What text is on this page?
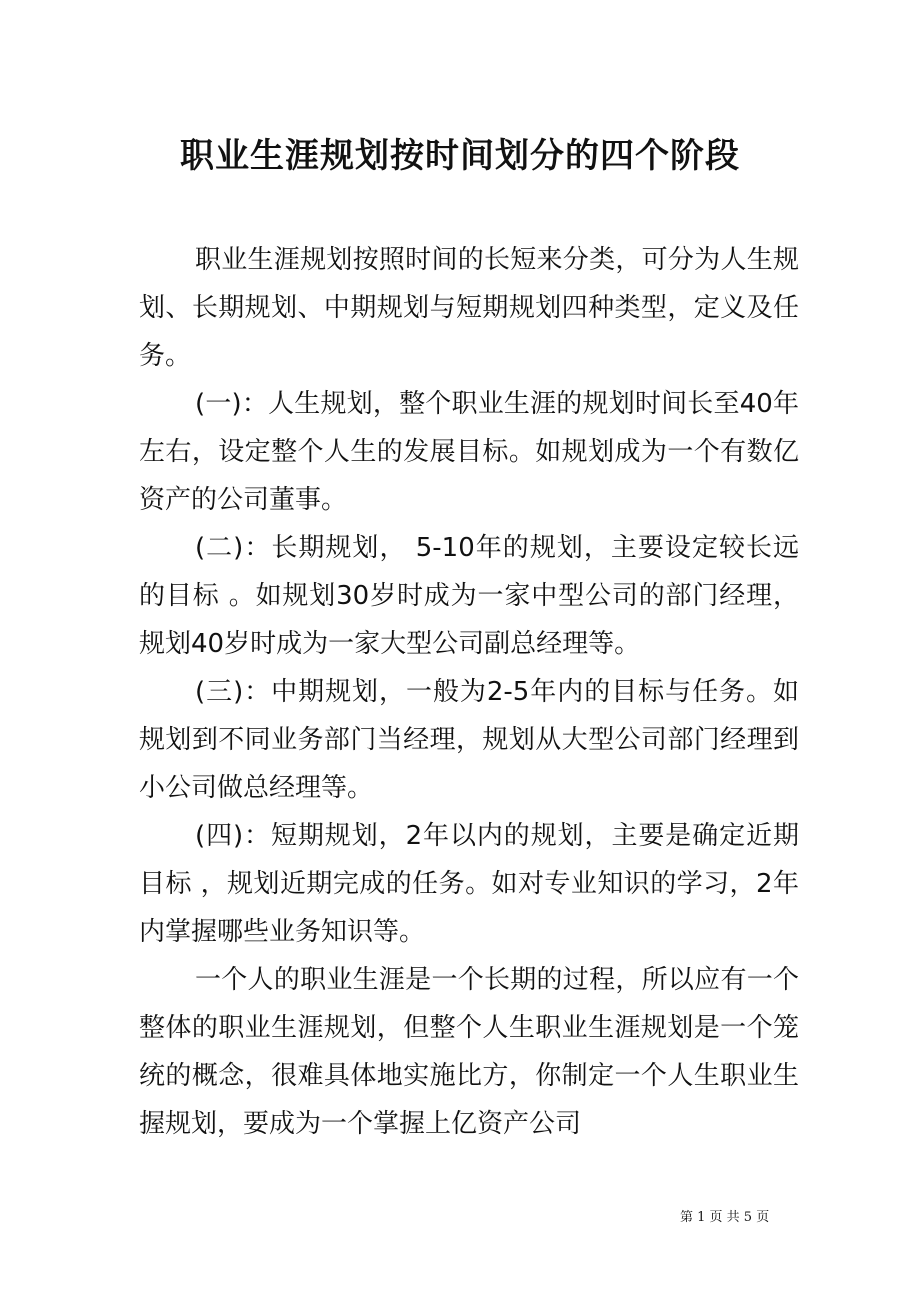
职业生涯规划按时间划分的四个阶段

职业生涯规划按照时间的长短来分类，可分为人生规划、长期规划、中期规划与短期规划四种类型，定义及任务。

(一)：人生规划，整个职业生涯的规划时间长至40年左右，设定整个人生的发展目标。如规划成为一个有数亿资产的公司董事。

(二)：长期规划， 5-10年的规划，主要设定较长远的目标 。如规划30岁时成为一家中型公司的部门经理，规划40岁时成为一家大型公司副总经理等。

(三)：中期规划，一般为2-5年内的目标与任务。如规划到不同业务部门当经理，规划从大型公司部门经理到小公司做总经理等。

(四)：短期规划，2年以内的规划，主要是确定近期目标 ，规划近期完成的任务。如对专业知识的学习，2年内掌握哪些业务知识等。

一个人的职业生涯是一个长期的过程，所以应有一个整体的职业生涯规划，但整个人生职业生涯规划是一个笼统的概念，很难具体地实施比方，你制定一个人生职业生握规划，要成为一个掌握上亿资产公司

第 1 页 共 5 页
